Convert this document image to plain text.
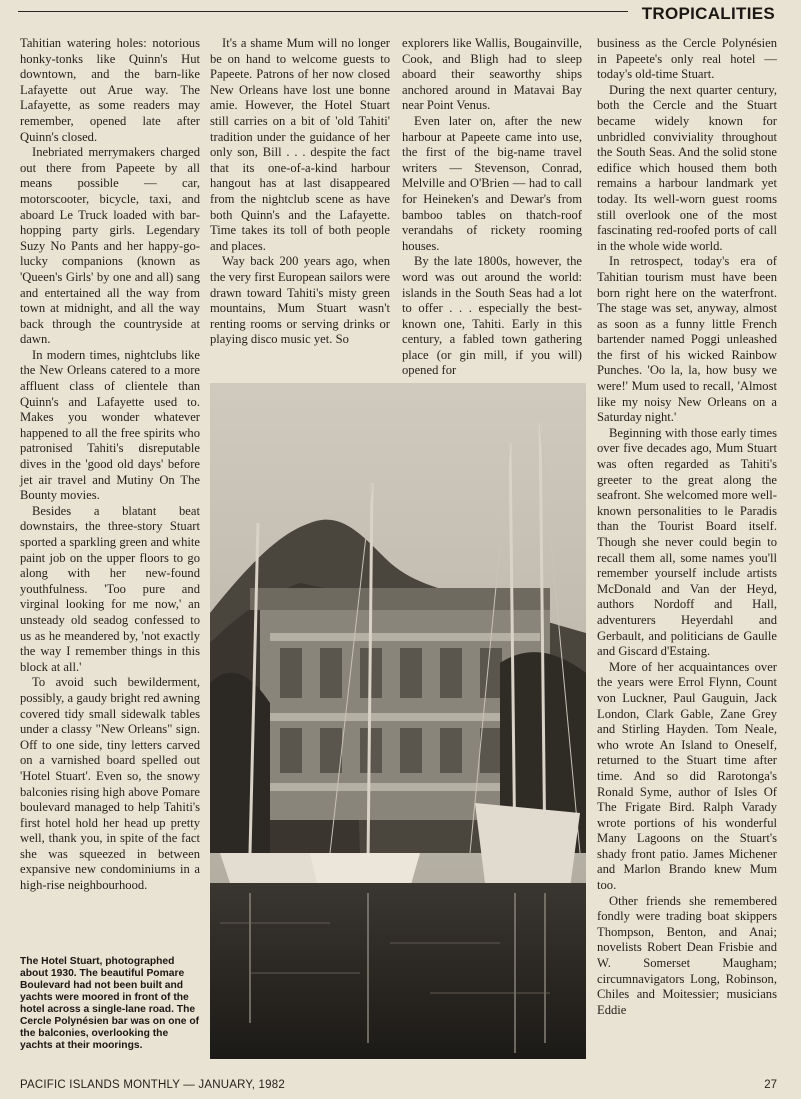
TROPICALITIES

Tahitian watering holes: notorious honky-tonks like Quinn's Hut downtown, and the barn-like Lafayette out Arue way. The Lafayette, as some readers may remember, opened late after Quinn's closed.

Inebriated merrymakers charged out there from Papeete by all means possible — car, motorscooter, bicycle, taxi, and aboard Le Truck loaded with bar-hopping party girls. Legendary Suzy No Pants and her happy-go-lucky companions (known as 'Queen's Girls' by one and all) sang and entertained all the way from town at midnight, and all the way back through the countryside at dawn.

In modern times, nightclubs like the New Orleans catered to a more affluent class of clientele than Quinn's and Lafayette used to. Makes you wonder whatever happened to all the free spirits who patronised Tahiti's disreputable dives in the 'good old days' before jet air travel and Mutiny On The Bounty movies.

Besides a blatant beat downstairs, the three-story Stuart sported a sparkling green and white paint job on the upper floors to go along with her new-found youthfulness. 'Too pure and virginal looking for me now,' an unsteady old seadog confessed to us as he meandered by, 'not exactly the way I remember things in this block at all.'

To avoid such bewilderment, possibly, a gaudy bright red awning covered tidy small sidewalk tables under a classy "New Orleans" sign. Off to one side, tiny letters carved on a varnished board spelled out 'Hotel Stuart'. Even so, the snowy balconies rising high above Pomare boulevard managed to help Tahiti's first hotel hold her head up pretty well, thank you, in spite of the fact she was squeezed in between expansive new condominiums in a high-rise neighbourhood.

It's a shame Mum will no longer be on hand to welcome guests to Papeete. Patrons of her now closed New Orleans have lost une bonne amie. However, the Hotel Stuart still carries on a bit of 'old Tahiti' tradition under the guidance of her only son, Bill . . . despite the fact that its one-of-a-kind harbour hangout has at last disappeared from the nightclub scene as have both Quinn's and the Lafayette. Time takes its toll of both people and places.

Way back 200 years ago, when the very first European sailors were drawn toward Tahiti's misty green mountains, Mum Stuart wasn't renting rooms or serving drinks or playing disco music yet. So

explorers like Wallis, Bougainville, Cook, and Bligh had to sleep aboard their seaworthy ships anchored around in Matavai Bay near Point Venus.

Even later on, after the new harbour at Papeete came into use, the first of the big-name travel writers — Stevenson, Conrad, Melville and O'Brien — had to call for Heineken's and Dewar's from bamboo tables on thatch-roof verandahs of rickety rooming houses.

By the late 1800s, however, the word was out around the world: islands in the South Seas had a lot to offer . . . especially the best-known one, Tahiti. Early in this century, a fabled town gathering place (or gin mill, if you will) opened for

business as the Cercle Polynésien in Papeete's only real hotel — today's old-time Stuart.

During the next quarter century, both the Cercle and the Stuart became widely known for unbridled conviviality throughout the South Seas. And the solid stone edifice which housed them both remains a harbour landmark yet today. Its well-worn guest rooms still overlook one of the most fascinating red-roofed ports of call in the whole wide world.

In retrospect, today's era of Tahitian tourism must have been born right here on the waterfront. The stage was set, anyway, almost as soon as a funny little French bartender named Poggi unleashed the first of his wicked Rainbow Punches. 'Oo la, la, how busy we were!' Mum used to recall, 'Almost like my noisy New Orleans on a Saturday night.'

Beginning with those early times over five decades ago, Mum Stuart was often regarded as Tahiti's greeter to the great along the seafront. She welcomed more well-known personalities to le Paradis than the Tourist Board itself. Though she never could begin to recall them all, some names you'll remember yourself include artists McDonald and Van der Heyd, authors Nordoff and Hall, adventurers Heyerdahl and Gerbault, and politicians de Gaulle and Giscard d'Estaing.

More of her acquaintances over the years were Errol Flynn, Count von Luckner, Paul Gauguin, Jack London, Clark Gable, Zane Grey and Stirling Hayden. Tom Neale, who wrote An Island to Oneself, returned to the Stuart time after time. And so did Rarotonga's Ronald Syme, author of Isles Of The Frigate Bird. Ralph Varady wrote portions of his wonderful Many Lagoons on the Stuart's shady front patio. James Michener and Marlon Brando knew Mum too.

Other friends she remembered fondly were trading boat skippers Thompson, Benton, and Anai; novelists Robert Dean Frisbie and W. Somerset Maugham; circumnavigators Long, Robinson, Chiles and Moitessier; musicians Eddie

The Hotel Stuart, photographed about 1930. The beautiful Pomare Boulevard had not been built and yachts were moored in front of the hotel across a single-lane road. The Cercle Polynésien bar was on one of the balconies, overlooking the yachts at their moorings.
PACIFIC ISLANDS MONTHLY — JANUARY, 1982	27
